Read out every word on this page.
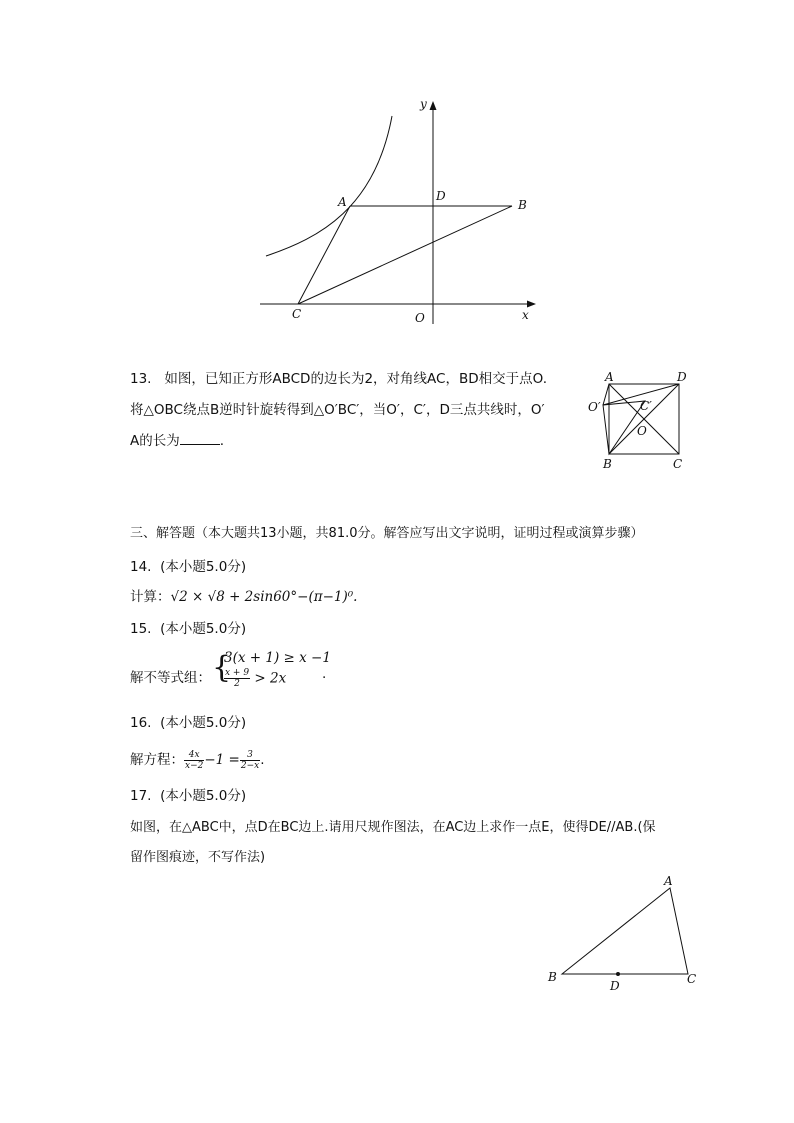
y
x
A	B
C
D
O
13. 如图，已知正方形ABCD的边长为2，对角线AC，BD相交于点O.
将△OBC绕点B逆时针旋转得到△O′BC′，当O′，C′，D三点共线时，O′
A的长为	.
A	D
O′	C′
O
B	C
三、解答题（本大题共13小题，共81.0分。解答应写出文字说明，证明过程或演算步骤）
14. (本小题5.0分)
计算：√2 × √8 + 2sin60°−(π−1)⁰.
15. (本小题5.0分)
解不等式组： {
3(x + 1) ≥ x −1
$\frac{x + 9}{2} > 2x$	.
16. (本小题5.0分)
解方程： $\frac{4x}{x-2} -1 = \frac{3}{2-x}$ .
17. (本小题5.0分)
如图，在△ABC中，点D在BC边上.请用尺规作图法，在AC边上求作一点E，使得DE//AB.(保
留作图痕迹，不写作法)
A
B	C
D
